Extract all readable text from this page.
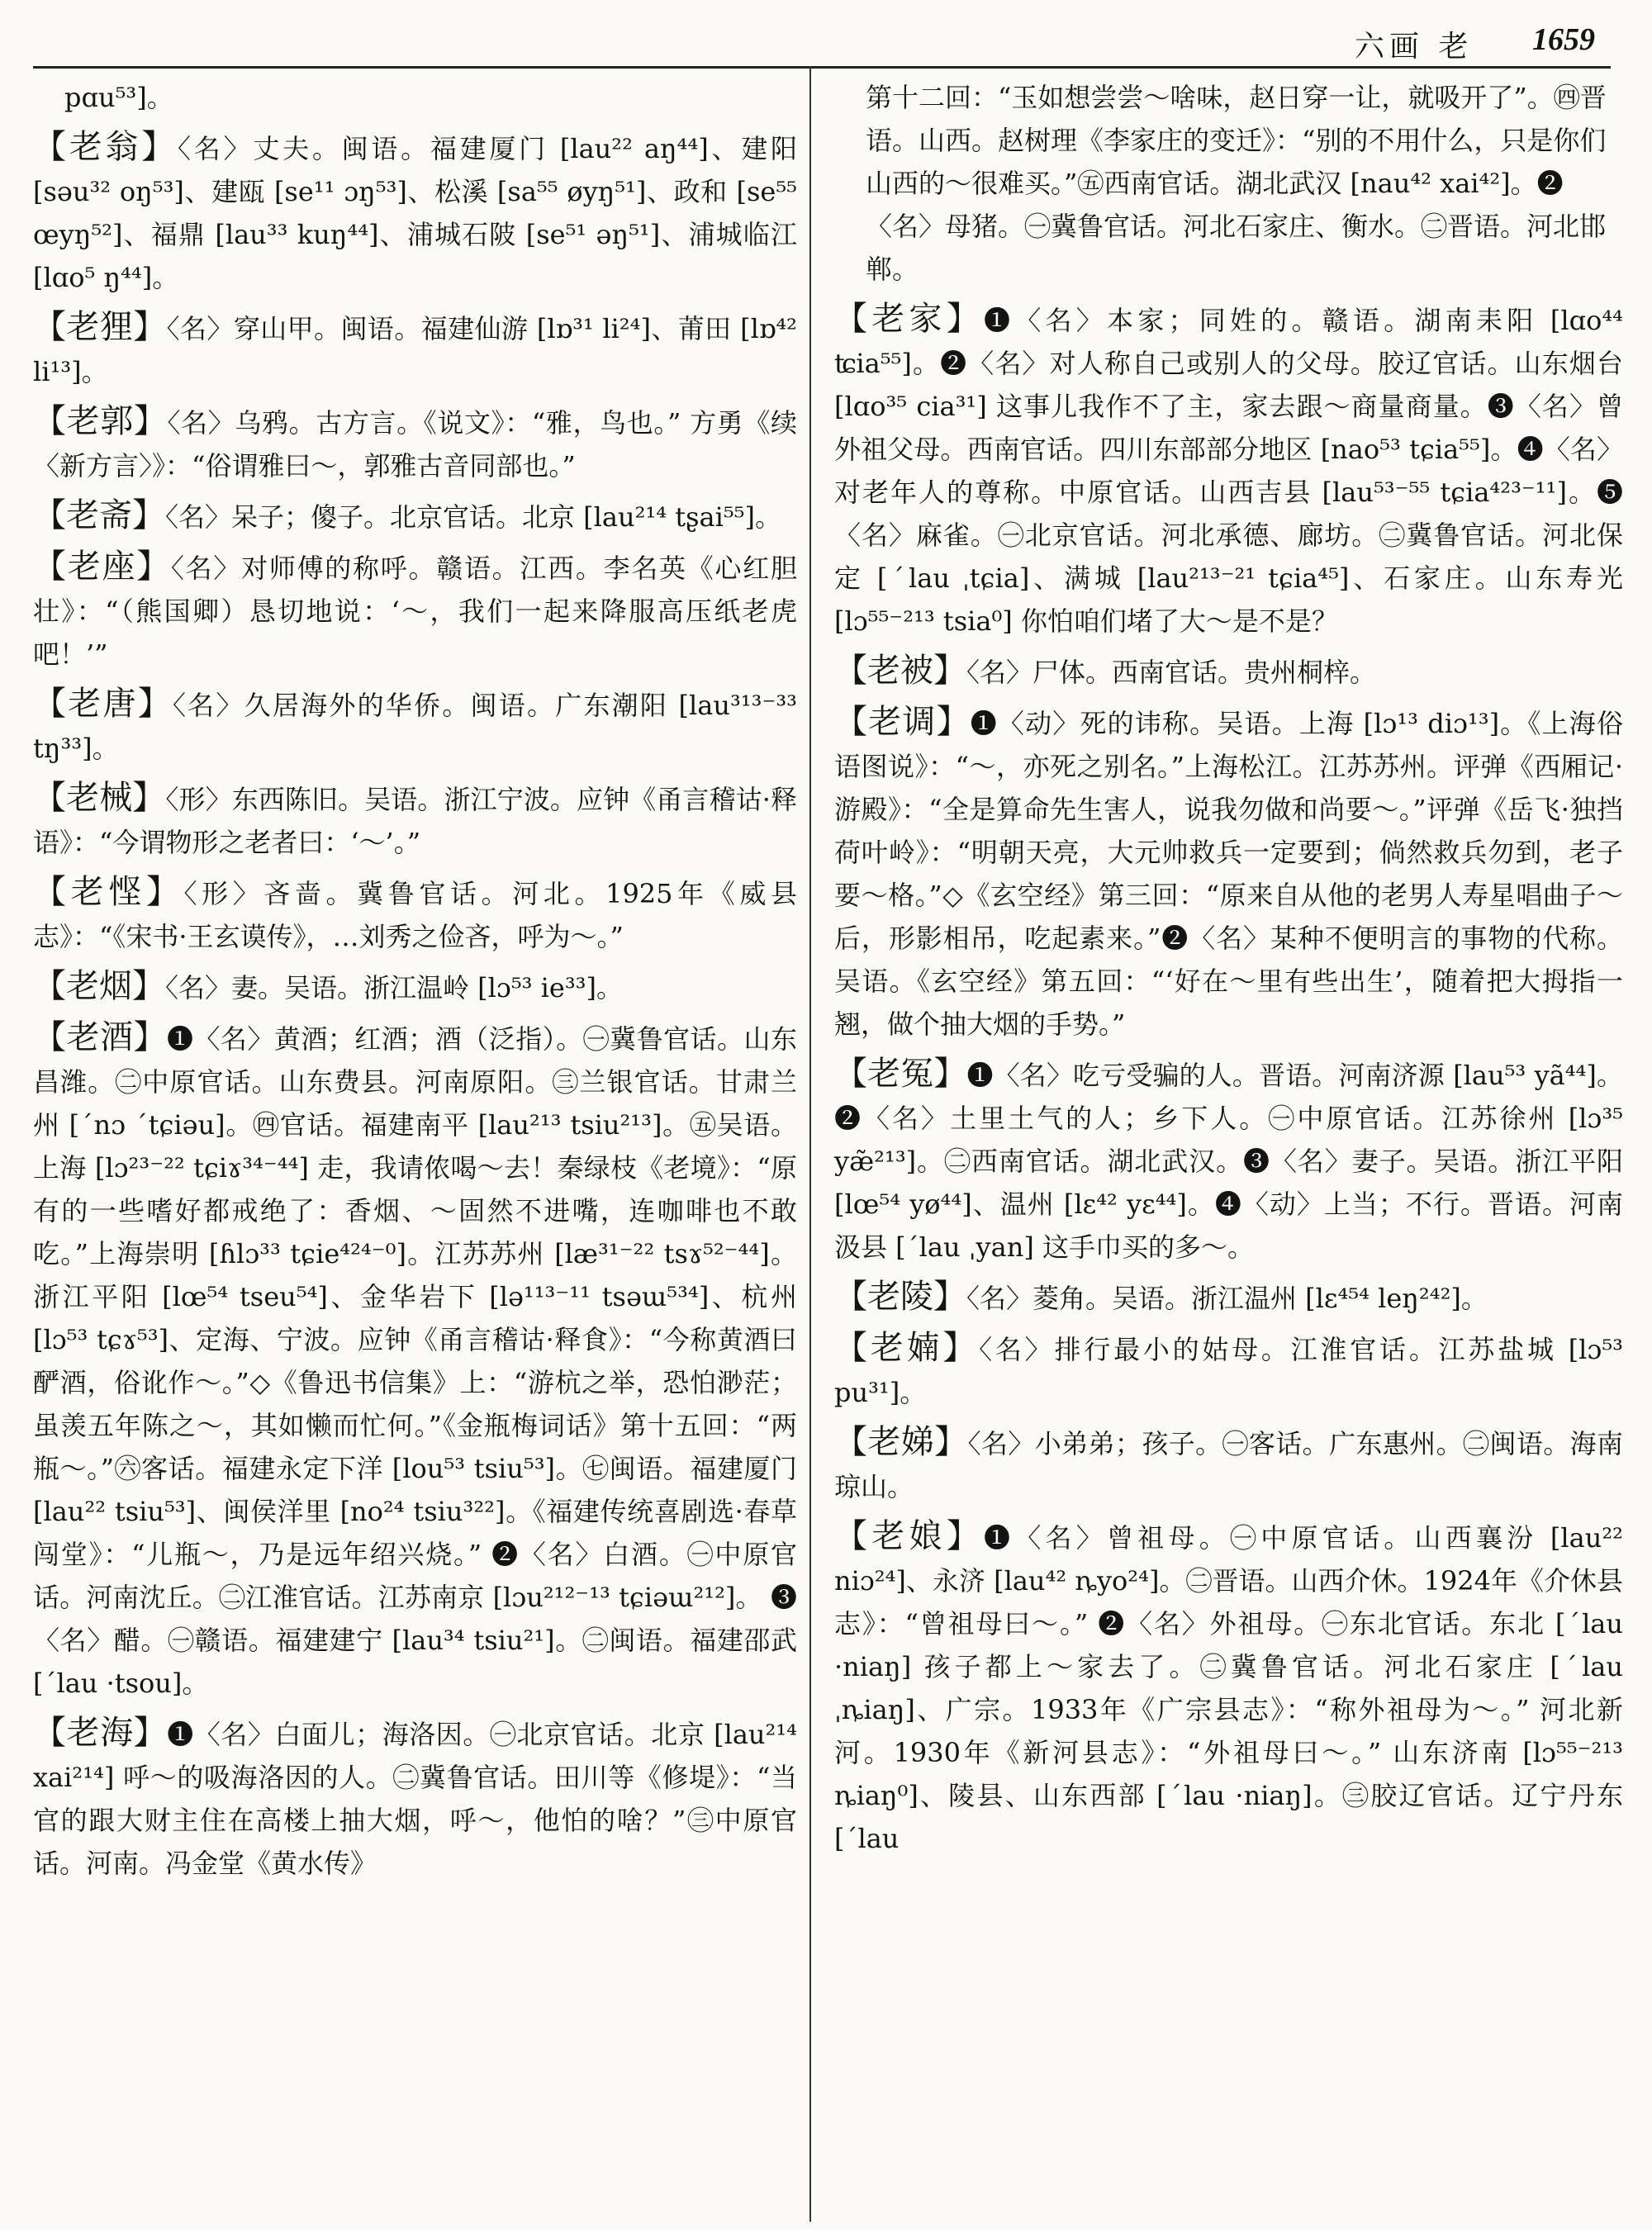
六画 老 1659
pɑu⁵³]。
【老翁】〈名〉丈夫。闽语。福建厦门 [lau²² aŋ⁴⁴]、建阳 [səu³² oŋ⁵³]、建瓯 [se¹¹ ɔŋ⁵³]、松溪 [sa⁵⁵ øyŋ⁵¹]、政和 [se⁵⁵ œyŋ⁵²]、福鼎 [lau³³ kuŋ⁴⁴]、浦城石陂 [se⁵¹ əŋ⁵¹]、浦城临江 [lɑo⁵ ŋ⁴⁴]。
【老狸】〈名〉穿山甲。闽语。福建仙游 [lɒ³¹ li²⁴]、莆田 [lɒ⁴² li¹³]。
【老郭】〈名〉乌鸦。古方言。《说文》：“雅，鸟也。” 方勇《续〈新方言〉》：“俗谓雅曰～，郭雅古音同部也。”
【老斋】〈名〉呆子；傻子。北京官话。北京 [lau²¹⁴ tʂai⁵⁵]。
【老座】〈名〉对师傅的称呼。赣语。江西。李名英《心红胆壮》：“（熊国卿）恳切地说：‘～，我们一起来降服高压纸老虎吧！’”
【老唐】〈名〉久居海外的华侨。闽语。广东潮阳 [lau³¹³⁻³³ tŋ³³]。
【老械】〈形〉东西陈旧。吴语。浙江宁波。应钟《甬言稽诂·释语》：“今谓物形之老者曰：‘～’。”
【老悭】〈形〉吝啬。冀鲁官话。河北。1925年《威县志》：“《宋书·王玄谟传》，…刘秀之俭吝，呼为～。”
【老烟】〈名〉妻。吴语。浙江温岭 [lɔ⁵³ ie³³]。
【老酒】❶〈名〉黄酒；红酒；酒（泛指）。㊀冀鲁官话。山东昌潍。㊁中原官话。山东费县。河南原阳。㊂兰银官话。甘肃兰州 [ˊnɔ ˊtɕiəu]。㊃官话。福建南平 [lau²¹³ tsiu²¹³]。㊄吴语。上海 [lɔ²³⁻²² tɕiɤ³⁴⁻⁴⁴] 走，我请侬喝～去！秦绿枝《老境》：“原有的一些嗜好都戒绝了：香烟、～固然不进嘴，连咖啡也不敢吃。”上海崇明 [ɦlɔ³³ tɕie⁴²⁴⁻⁰]。江苏苏州 [læ³¹⁻²² tsɤ⁵²⁻⁴⁴]。浙江平阳 [lœ⁵⁴ tseu⁵⁴]、金华岩下 [lə¹¹³⁻¹¹ tsəɯ⁵³⁴]、杭州 [lɔ⁵³ tɕɤ⁵³]、定海、宁波。应钟《甬言稽诂·释食》：“今称黄酒曰酽酒，俗讹作～。”◇《鲁迅书信集》上：“游杭之举，恐怕渺茫；虽羡五年陈之～，其如懒而忙何。”《金瓶梅词话》第十五回：“两瓶～。”㊅客话。福建永定下洋 [lou⁵³ tsiu⁵³]。㊆闽语。福建厦门 [lau²² tsiu⁵³]、闽侯洋里 [no²⁴ tsiu³²²]。《福建传统喜剧选·春草闯堂》：“儿瓶～，乃是远年绍兴烧。” ❷〈名〉白酒。㊀中原官话。河南沈丘。㊁江淮官话。江苏南京 [lɔu²¹²⁻¹³ tɕiəɯ²¹²]。 ❸〈名〉醋。㊀赣语。福建建宁 [lau³⁴ tsiu²¹]。㊁闽语。福建邵武 [ˊlau ·tsou]。
【老海】❶〈名〉白面儿；海洛因。㊀北京官话。北京 [lau²¹⁴ xai²¹⁴] 呼～的吸海洛因的人。㊁冀鲁官话。田川等《修堤》：“当官的跟大财主住在高楼上抽大烟，呼～，他怕的啥？”㊂中原官话。河南。冯金堂《黄水传》
第十二回：“玉如想尝尝～啥味，赵日穿一让，就吸开了”。㊃晋语。山西。赵树理《李家庄的变迁》：“别的不用什么，只是你们山西的～很难买。”㊄西南官话。湖北武汉 [nau⁴² xai⁴²]。❷〈名〉母猪。㊀冀鲁官话。河北石家庄、衡水。㊁晋语。河北邯郸。
【老家】❶〈名〉本家；同姓的。赣语。湖南耒阳 [lɑo⁴⁴ ʨia⁵⁵]。❷〈名〉对人称自己或别人的父母。胶辽官话。山东烟台 [lɑo³⁵ cia³¹] 这事儿我作不了主，家去跟～商量商量。❸〈名〉曾外祖父母。西南官话。四川东部部分地区 [nao⁵³ tɕia⁵⁵]。❹〈名〉对老年人的尊称。中原官话。山西吉县 [lau⁵³⁻⁵⁵ tɕia⁴²³⁻¹¹]。❺〈名〉麻雀。㊀北京官话。河北承德、廊坊。㊁冀鲁官话。河北保定 [ˊlau ˌtɕia]、满城 [lau²¹³⁻²¹ tɕia⁴⁵]、石家庄。山东寿光 [lɔ⁵⁵⁻²¹³ tsia⁰] 你怕咱们堵了大～是不是？
【老被】〈名〉尸体。西南官话。贵州桐梓。
【老调】❶〈动〉死的讳称。吴语。上海 [lɔ¹³ diɔ¹³]。《上海俗语图说》：“～，亦死之别名。”上海松江。江苏苏州。评弹《西厢记·游殿》：“全是算命先生害人，说我勿做和尚要～。”评弹《岳飞·独挡荷叶岭》：“明朝天亮，大元帅救兵一定要到；倘然救兵勿到，老子要～格。”◇《玄空经》第三回：“原来自从他的老男人寿星唱曲子～后，形影相吊，吃起素来。”❷〈名〉某种不便明言的事物的代称。吴语。《玄空经》第五回：“‘好在～里有些出生’，随着把大拇指一翘，做个抽大烟的手势。”
【老冤】❶〈名〉吃亏受骗的人。晋语。河南济源 [lau⁵³ yã⁴⁴]。❷〈名〉土里土气的人；乡下人。㊀中原官话。江苏徐州 [lɔ³⁵ yæ̃²¹³]。㊁西南官话。湖北武汉。❸〈名〉妻子。吴语。浙江平阳 [lœ⁵⁴ yø⁴⁴]、温州 [lɛ⁴² yɛ⁴⁴]。❹〈动〉上当；不行。晋语。河南汲县 [ˊlau ˌyan] 这手巾买的多～。
【老陵】〈名〉菱角。吴语。浙江温州 [lɛ⁴⁵⁴ leŋ²⁴²]。
【老婻】〈名〉排行最小的姑母。江淮官话。江苏盐城 [lɔ⁵³ pu³¹]。
【老娣】〈名〉小弟弟；孩子。㊀客话。广东惠州。㊁闽语。海南琼山。
【老娘】❶〈名〉曾祖母。㊀中原官话。山西襄汾 [lau²² niɔ²⁴]、永济 [lau⁴² ȵyo²⁴]。㊁晋语。山西介休。1924年《介休县志》：“曾祖母曰～。” ❷〈名〉外祖母。㊀东北官话。东北 [ˊlau ·niaŋ] 孩子都上～家去了。㊁冀鲁官话。河北石家庄 [ˊlau ˌȵiaŋ]、广宗。1933年《广宗县志》：“称外祖母为～。” 河北新河。1930年《新河县志》：“外祖母曰～。” 山东济南 [lɔ⁵⁵⁻²¹³ ȵiaŋ⁰]、陵县、山东西部 [ˊlau ·niaŋ]。㊂胶辽官话。辽宁丹东 [ˊlau
